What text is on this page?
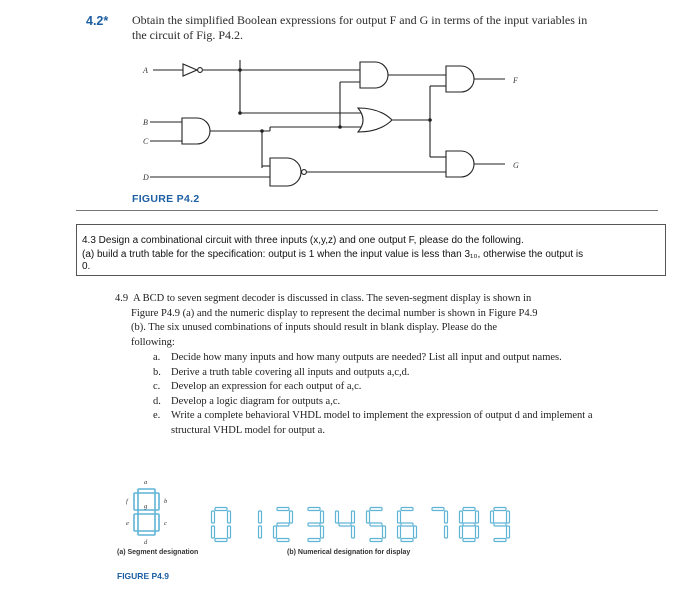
4.2* Obtain the simplified Boolean expressions for output F and G in terms of the input variables in the circuit of Fig. P4.2.
A
B
C
D
F
G
FIGURE P4.2
4.3 Design a combinational circuit with three inputs (x,y,z) and one output F, please do the following.
(a) build a truth table for the specification: output is 1 when the input value is less than 3₁₀, otherwise the output is
0.
4.9 A BCD to seven segment decoder is discussed in class. The seven-segment display is shown in
Figure P4.9 (a) and the numeric display to represent the decimal number is shown in Figure P4.9
(b). The six unused combinations of inputs should result in blank display. Please do the
following:
a.	Decide how many inputs and how many outputs are needed? List all input and output names.
b. Derive a truth table covering all inputs and outputs a,c,d.
c.	Develop an expression for each output of a,c.
d. Develop a logic diagram for outputs a,c.
e.	Write a complete behavioral VHDL model to implement the expression of output d and implement a structural VHDL model for output a.
a
b
c
d
e
f
g
(a) Segment designation	(b) Numerical designation for display
FIGURE P4.9
